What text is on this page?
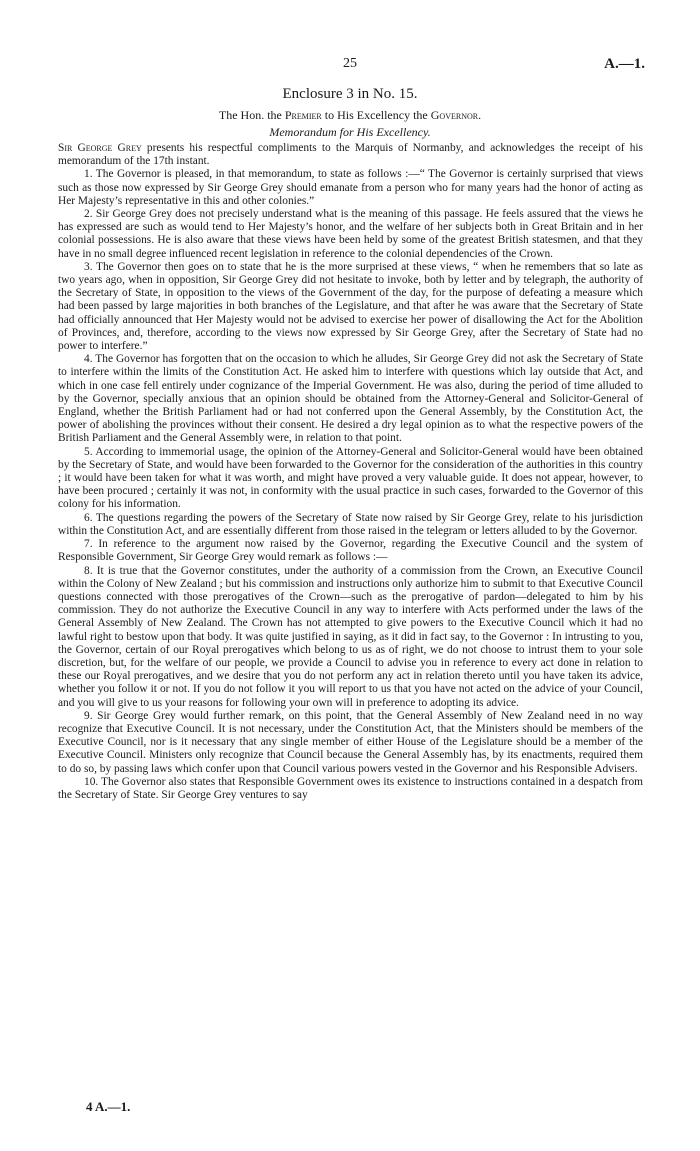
25	A.—1.
Enclosure 3 in No. 15.
The Hon. the Premier to His Excellency the Governor.
Memorandum for His Excellency.

Sir George Grey presents his respectful compliments to the Marquis of Normanby, and acknowledges the receipt of his memorandum of the 17th instant.

1. The Governor is pleased, in that memorandum, to state as follows :—“ The Governor is certainly surprised that views such as those now expressed by Sir George Grey should emanate from a person who for many years had the honor of acting as Her Majesty’s representative in this and other colonies.”

2. Sir George Grey does not precisely understand what is the meaning of this passage. He feels assured that the views he has expressed are such as would tend to Her Majesty’s honor, and the welfare of her subjects both in Great Britain and in her colonial possessions. He is also aware that these views have been held by some of the greatest British statesmen, and that they have in no small degree influenced recent legislation in reference to the colonial dependencies of the Crown.

3. The Governor then goes on to state that he is the more surprised at these views, “ when he remembers that so late as two years ago, when in opposition, Sir George Grey did not hesitate to invoke, both by letter and by telegraph, the authority of the Secretary of State, in opposition to the views of the Government of the day, for the purpose of defeating a measure which had been passed by large majorities in both branches of the Legislature, and that after he was aware that the Secretary of State had officially announced that Her Majesty would not be advised to exercise her power of disallowing the Act for the Abolition of Provinces, and, therefore, according to the views now expressed by Sir George Grey, after the Secretary of State had no power to interfere.”

4. The Governor has forgotten that on the occasion to which he alludes, Sir George Grey did not ask the Secretary of State to interfere within the limits of the Constitution Act. He asked him to interfere with questions which lay outside that Act, and which in one case fell entirely under cognizance of the Imperial Government. He was also, during the period of time alluded to by the Governor, specially anxious that an opinion should be obtained from the Attorney-General and Solicitor-General of England, whether the British Parliament had or had not conferred upon the General Assembly, by the Constitution Act, the power of abolishing the provinces without their consent. He desired a dry legal opinion as to what the respective powers of the British Parliament and the General Assembly were, in relation to that point.

5. According to immemorial usage, the opinion of the Attorney-General and Solicitor-General would have been obtained by the Secretary of State, and would have been forwarded to the Governor for the consideration of the authorities in this country ; it would have been taken for what it was worth, and might have proved a very valuable guide. It does not appear, however, to have been procured ; certainly it was not, in conformity with the usual practice in such cases, forwarded to the Governor of this colony for his information.

6. The questions regarding the powers of the Secretary of State now raised by Sir George Grey, relate to his jurisdiction within the Constitution Act, and are essentially different from those raised in the telegram or letters alluded to by the Governor.

7. In reference to the argument now raised by the Governor, regarding the Executive Council and the system of Responsible Government, Sir George Grey would remark as follows :—

8. It is true that the Governor constitutes, under the authority of a commission from the Crown, an Executive Council within the Colony of New Zealand ; but his commission and instructions only authorize him to submit to that Executive Council questions connected with those prerogatives of the Crown—such as the prerogative of pardon—delegated to him by his commission. They do not authorize the Executive Council in any way to interfere with Acts performed under the laws of the General Assembly of New Zealand. The Crown has not attempted to give powers to the Executive Council which it had no lawful right to bestow upon that body. It was quite justified in saying, as it did in fact say, to the Governor : In intrusting to you, the Governor, certain of our Royal prerogatives which belong to us as of right, we do not choose to intrust them to your sole discretion, but, for the welfare of our people, we provide a Council to advise you in reference to every act done in relation to these our Royal prerogatives, and we desire that you do not perform any act in relation thereto until you have taken its advice, whether you follow it or not. If you do not follow it you will report to us that you have not acted on the advice of your Council, and you will give to us your reasons for following your own will in preference to adopting its advice.

9. Sir George Grey would further remark, on this point, that the General Assembly of New Zealand need in no way recognize that Executive Council. It is not necessary, under the Constitution Act, that the Ministers should be members of the Executive Council, nor is it necessary that any single member of either House of the Legislature should be a member of the Executive Council. Ministers only recognize that Council because the General Assembly has, by its enactments, required them to do so, by passing laws which confer upon that Council various powers vested in the Governor and his Responsible Advisers.

10. The Governor also states that Responsible Government owes its existence to instructions contained in a despatch from the Secretary of State. Sir George Grey ventures to say

4 A.—1.
